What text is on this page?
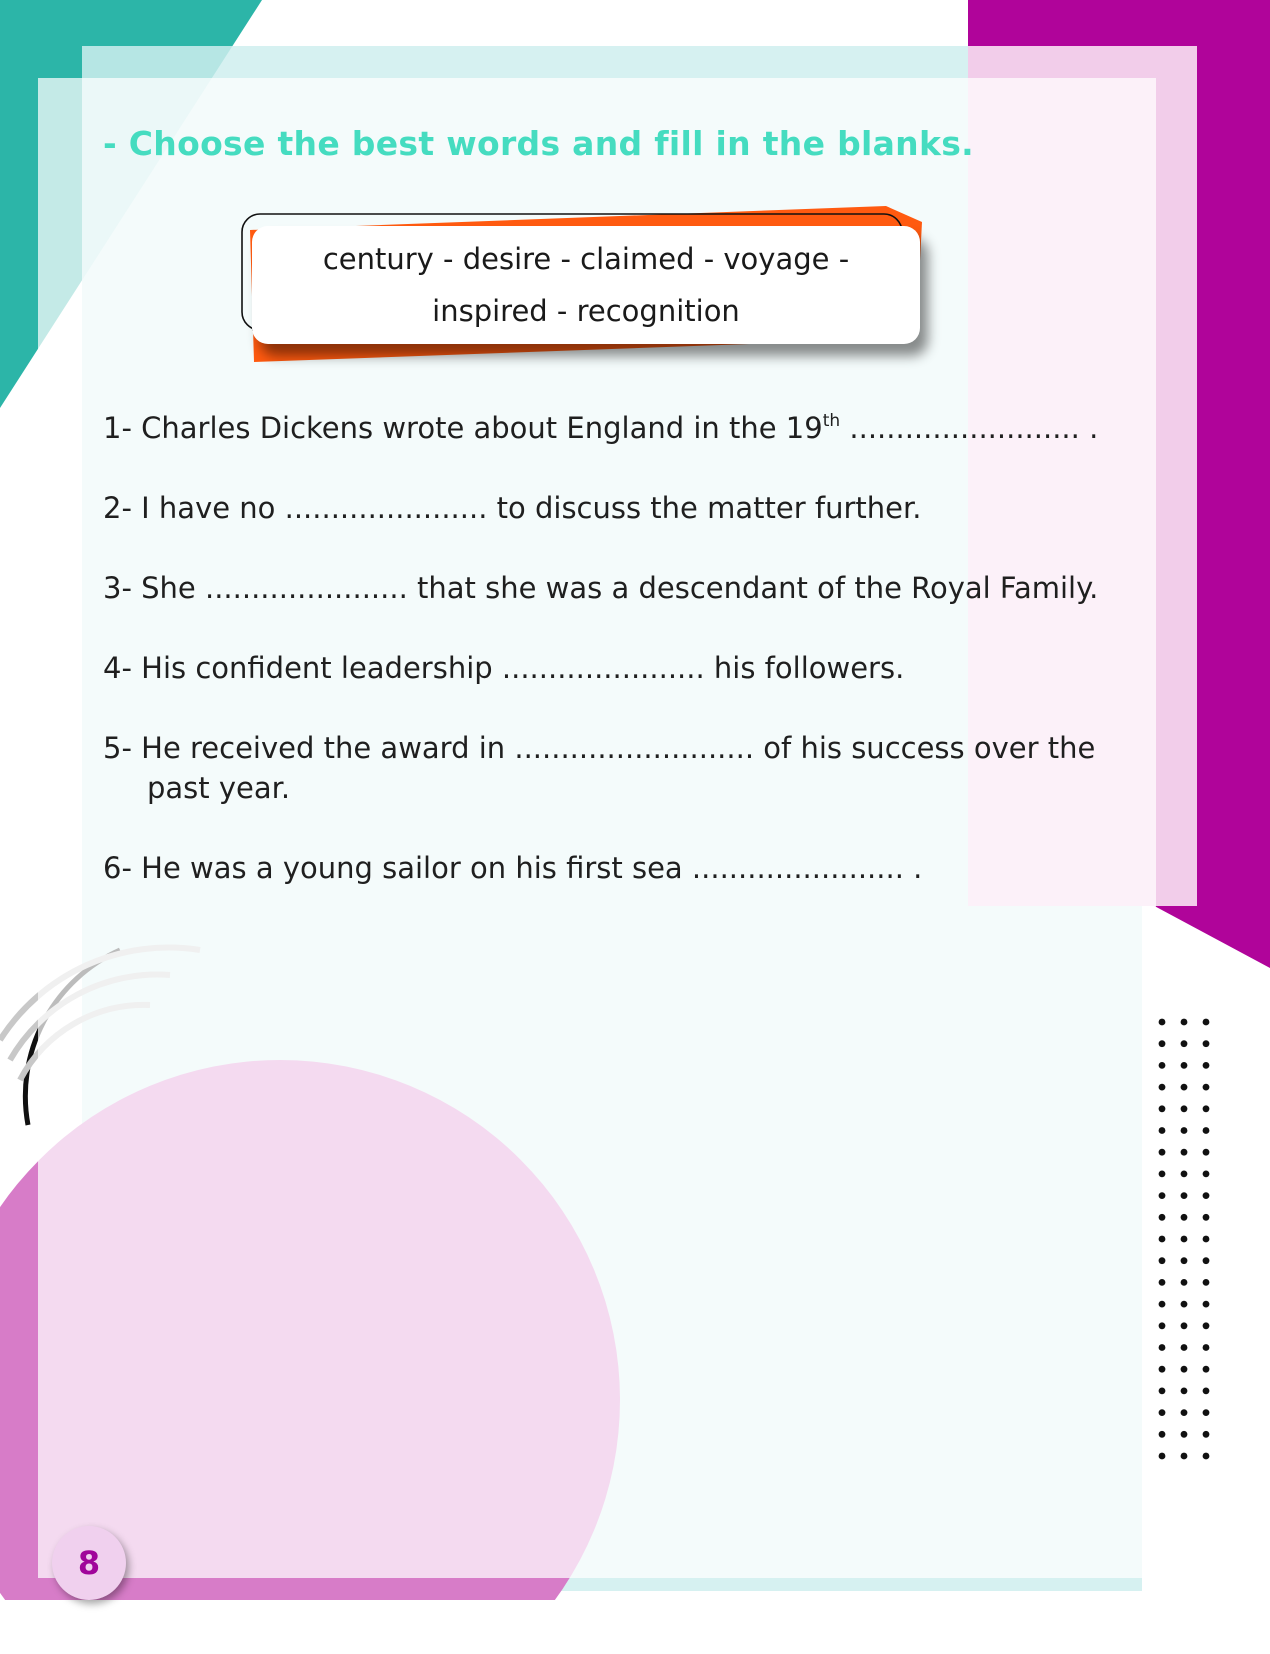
- Choose the best words and fill in the blanks.
century - desire - claimed - voyage -
inspired - recognition
1- Charles Dickens wrote about England in the 19th ......................... .
2- I have no ...................... to discuss the matter further.
3- She ...................... that she was a descendant of the Royal Family.
4- His confident leadership ...................... his followers.
5- He received the award in .......................... of his success over the
past year.
6- He was a young sailor on his first sea ....................... .
8
